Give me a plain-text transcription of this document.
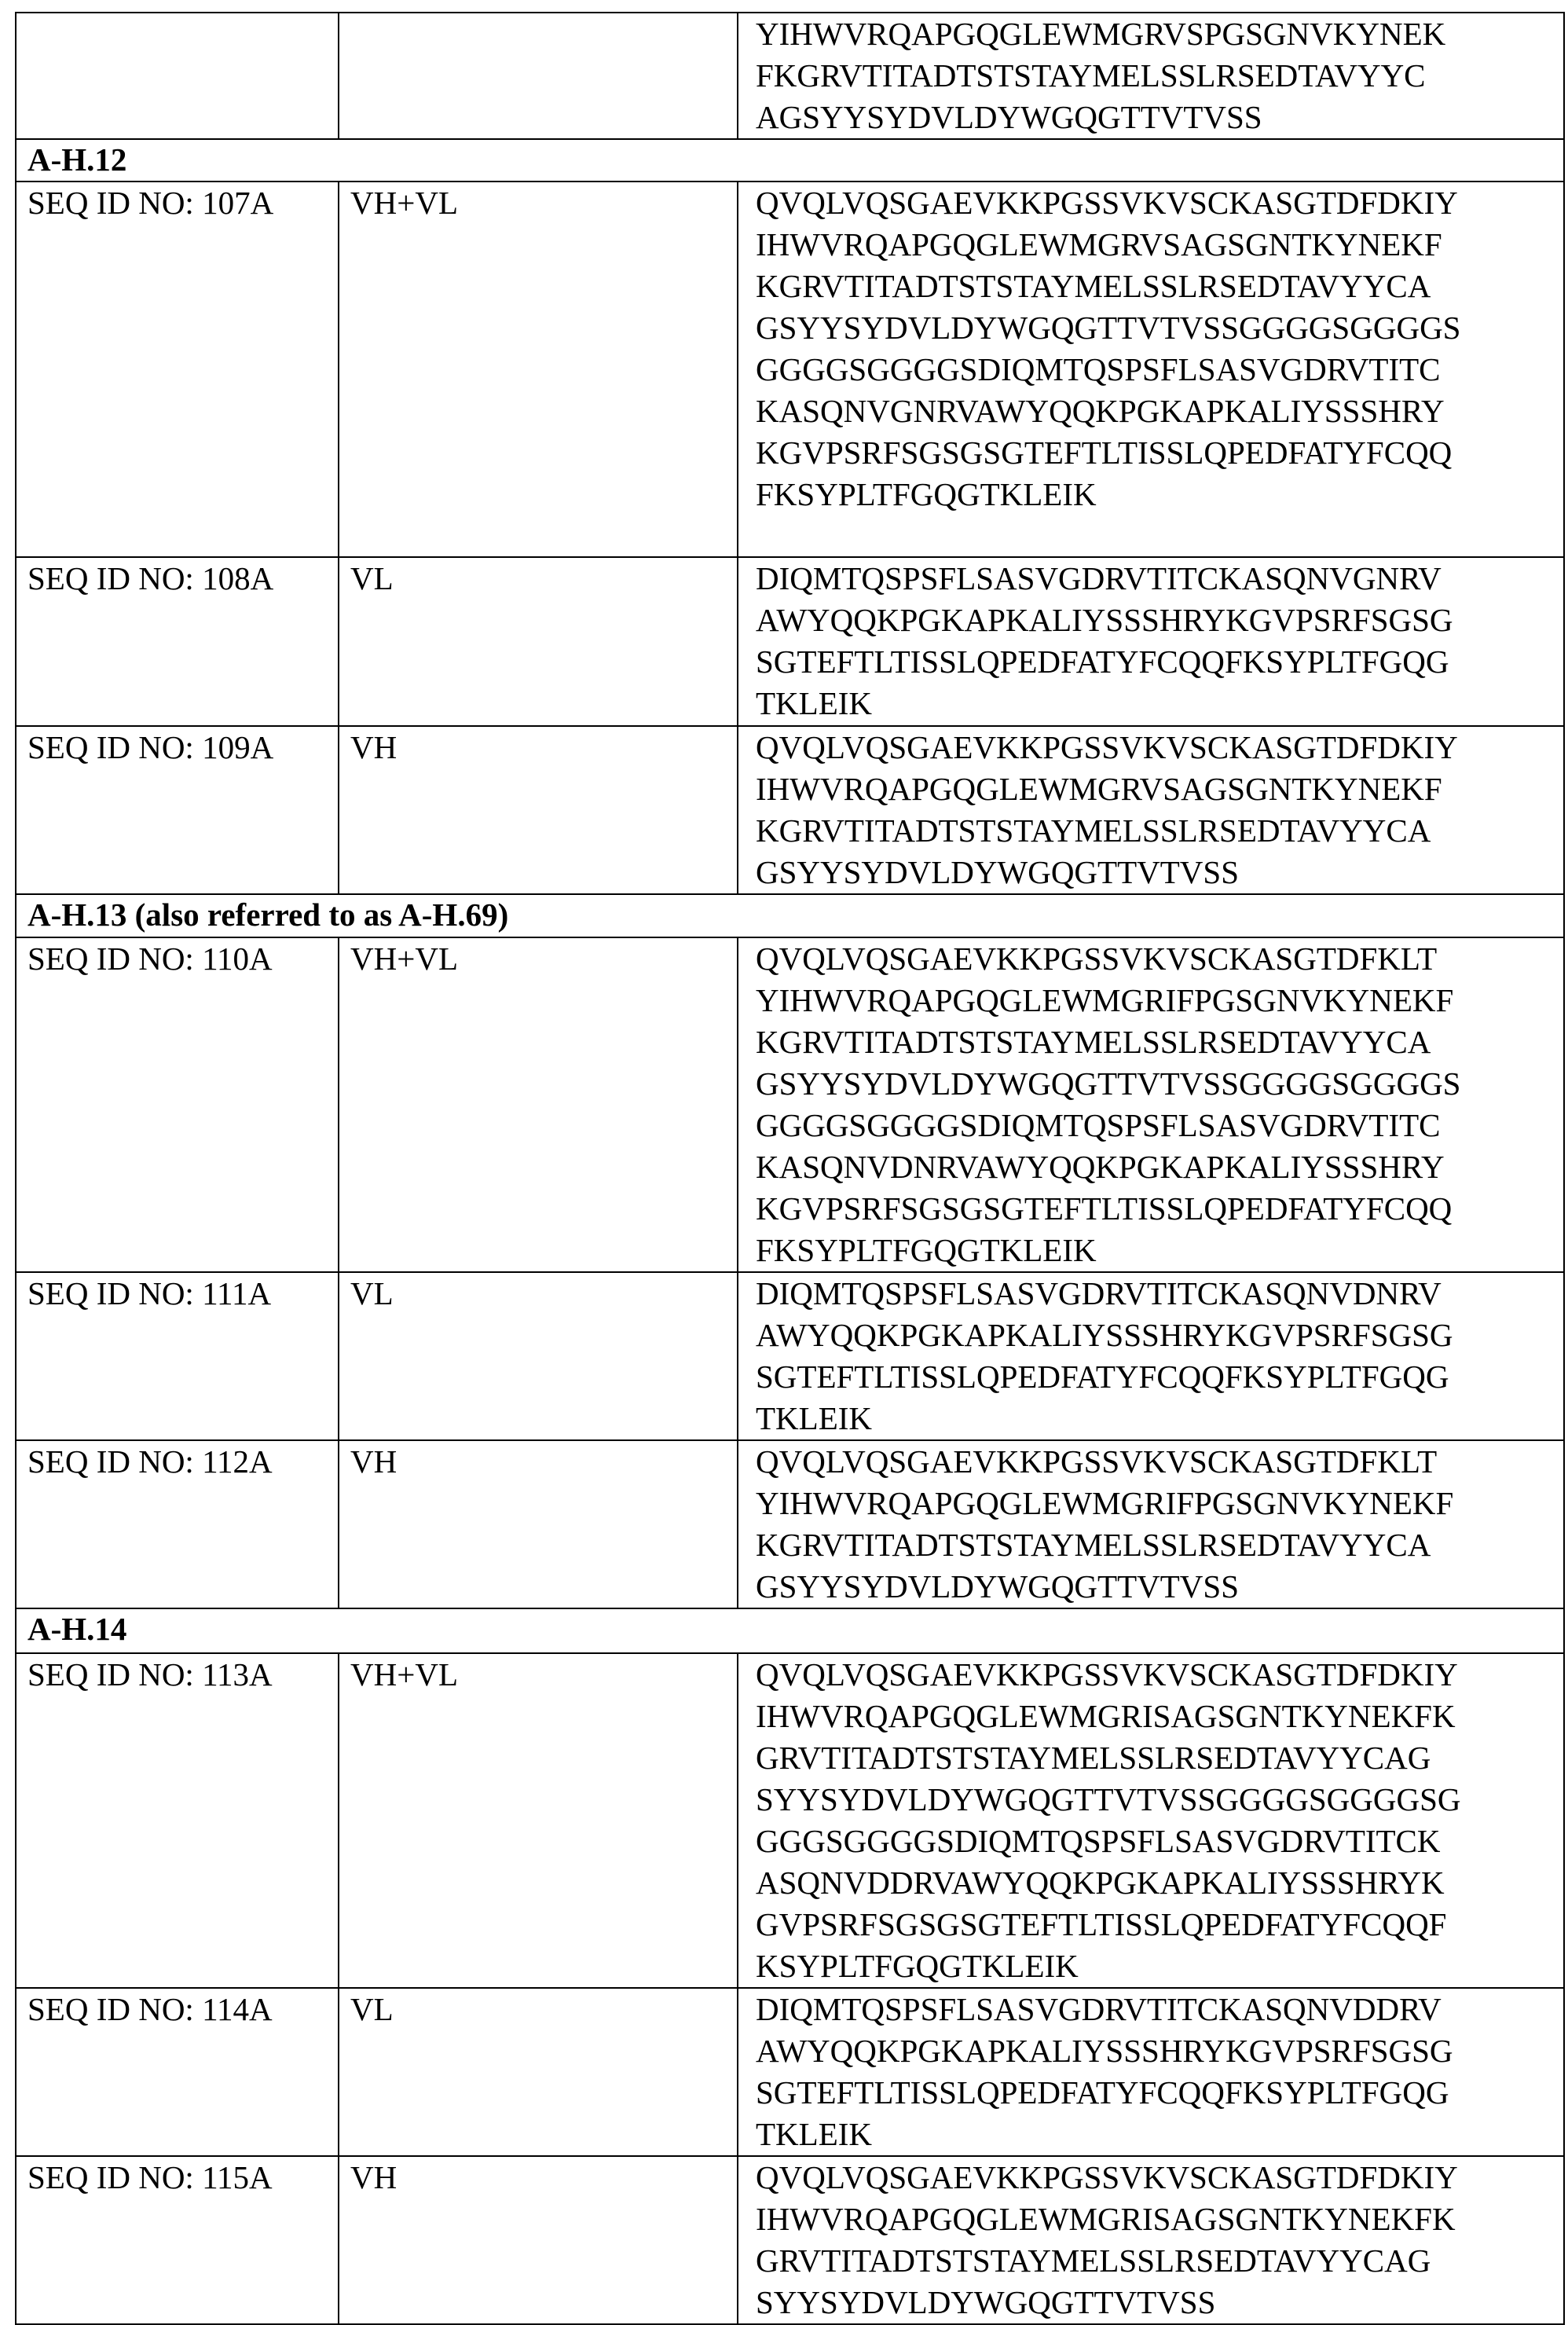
		YIHWVRQAPGQGLEWMGRVSPGSGNVKYNEK
FKGRVTITADTSTSTAYMELSSLRSEDTAVYYC
AGSYYSYDVLDYWGQGTTVTVSS
A-H.12
SEQ ID NO: 107A	VH+VL	QVQLVQSGAEVKKPGSSVKVSCKASGTDFDKIY
IHWVRQAPGQGLEWMGRVSAGSGNTKYNEKF
KGRVTITADTSTSTAYMELSSLRSEDTAVYYCA
GSYYSYDVLDYWGQGTTVTVSSGGGGSGGGGS
GGGGSGGGGSDIQMTQSPSFLSASVGDRVTITC
KASQNVGNRVAWYQQKPGKAPKALIYSSSHRY
KGVPSRFSGSGSGTEFTLTISSLQPEDFATYFCQQ
FKSYPLTFGQGTKLEIK
SEQ ID NO: 108A	VL	DIQMTQSPSFLSASVGDRVTITCKASQNVGNRV
AWYQQKPGKAPKALIYSSSHRYKGVPSRFSGSG
SGTEFTLTISSLQPEDFATYFCQQFKSYPLTFGQG
TKLEIK
SEQ ID NO: 109A	VH	QVQLVQSGAEVKKPGSSVKVSCKASGTDFDKIY
IHWVRQAPGQGLEWMGRVSAGSGNTKYNEKF
KGRVTITADTSTSTAYMELSSLRSEDTAVYYCA
GSYYSYDVLDYWGQGTTVTVSS
A-H.13 (also referred to as A-H.69)
SEQ ID NO: 110A	VH+VL	QVQLVQSGAEVKKPGSSVKVSCKASGTDFKLT
YIHWVRQAPGQGLEWMGRIFPGSGNVKYNEKF
KGRVTITADTSTSTAYMELSSLRSEDTAVYYCA
GSYYSYDVLDYWGQGTTVTVSSGGGGSGGGGS
GGGGSGGGGSDIQMTQSPSFLSASVGDRVTITC
KASQNVDNRVAWYQQKPGKAPKALIYSSSHRY
KGVPSRFSGSGSGTEFTLTISSLQPEDFATYFCQQ
FKSYPLTFGQGTKLEIK
SEQ ID NO: 111A	VL	DIQMTQSPSFLSASVGDRVTITCKASQNVDNRV
AWYQQKPGKAPKALIYSSSHRYKGVPSRFSGSG
SGTEFTLTISSLQPEDFATYFCQQFKSYPLTFGQG
TKLEIK
SEQ ID NO: 112A	VH	QVQLVQSGAEVKKPGSSVKVSCKASGTDFKLT
YIHWVRQAPGQGLEWMGRIFPGSGNVKYNEKF
KGRVTITADTSTSTAYMELSSLRSEDTAVYYCA
GSYYSYDVLDYWGQGTTVTVSS
A-H.14
SEQ ID NO: 113A	VH+VL	QVQLVQSGAEVKKPGSSVKVSCKASGTDFDKIY
IHWVRQAPGQGLEWMGRISAGSGNTKYNEKFK
GRVTITADTSTSTAYMELSSLRSEDTAVYYCAG
SYYSYDVLDYWGQGTTVTVSSGGGGSGGGGSG
GGGSGGGGSDIQMTQSPSFLSASVGDRVTITCK
ASQNVDDRVAWYQQKPGKAPKALIYSSSHRYK
GVPSRFSGSGSGTEFTLTISSLQPEDFATYFCQQF
KSYPLTFGQGTKLEIK
SEQ ID NO: 114A	VL	DIQMTQSPSFLSASVGDRVTITCKASQNVDDRV
AWYQQKPGKAPKALIYSSSHRYKGVPSRFSGSG
SGTEFTLTISSLQPEDFATYFCQQFKSYPLTFGQG
TKLEIK
SEQ ID NO: 115A	VH	QVQLVQSGAEVKKPGSSVKVSCKASGTDFDKIY
IHWVRQAPGQGLEWMGRISAGSGNTKYNEKFK
GRVTITADTSTSTAYMELSSLRSEDTAVYYCAG
SYYSYDVLDYWGQGTTVTVSS
